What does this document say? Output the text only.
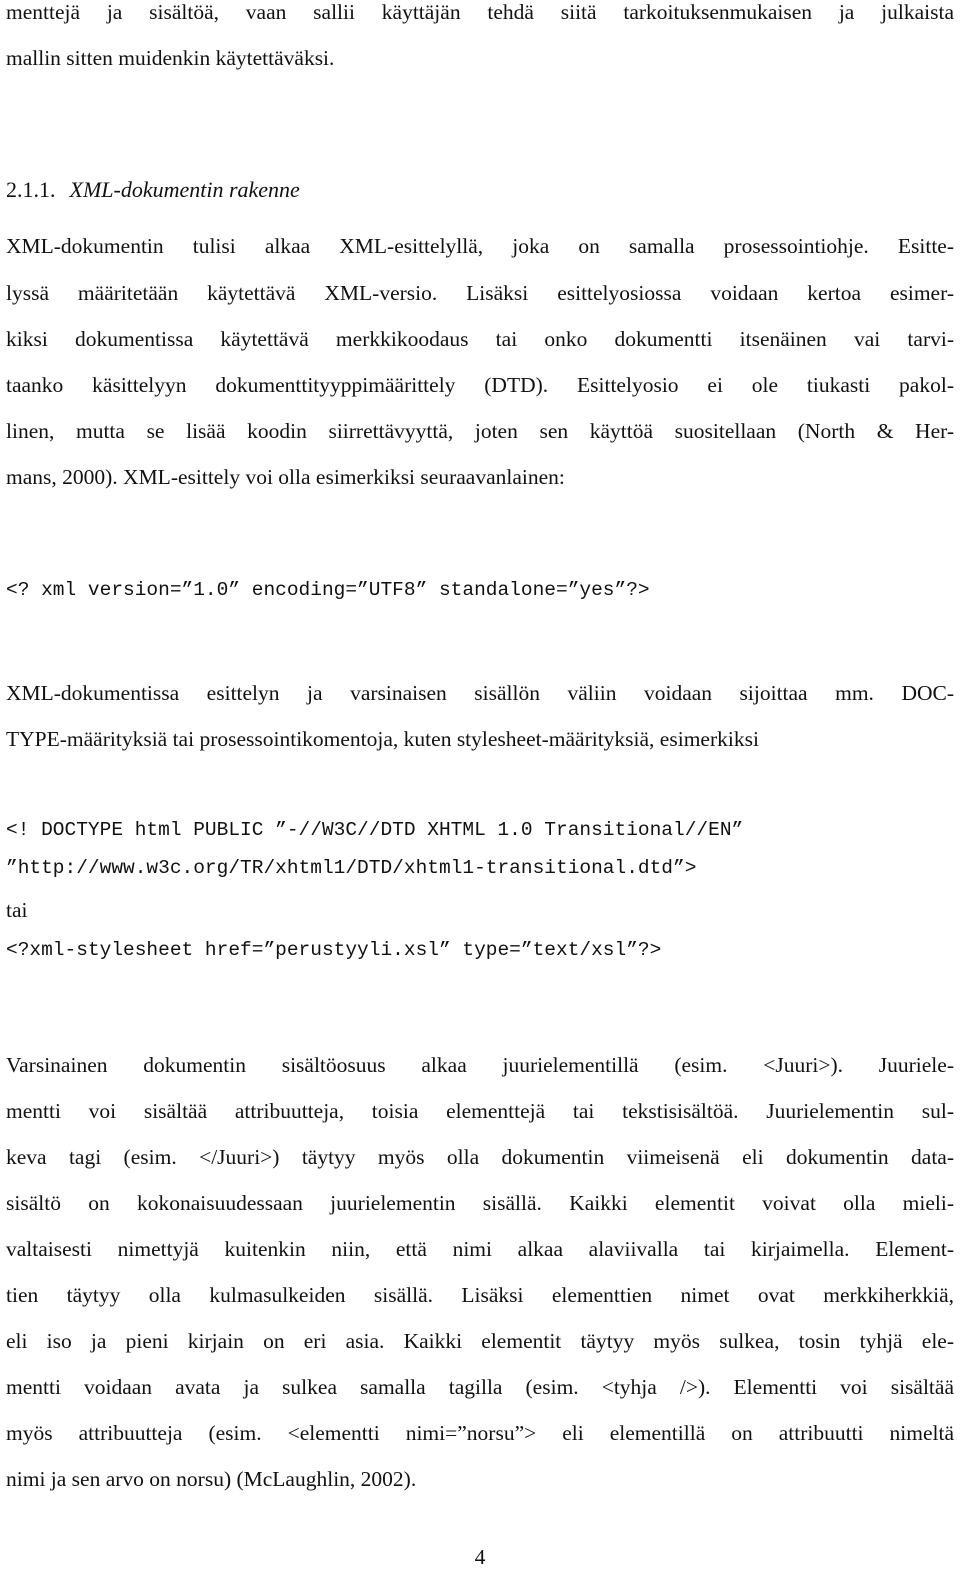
menttejä ja sisältöä, vaan sallii käyttäjän tehdä siitä tarkoituksenmukaisen ja julkaista
mallin sitten muidenkin käytettäväksi.
2.1.1. XML-dokumentin rakenne
XML-dokumentin tulisi alkaa XML-esittelyllä, joka on samalla prosessointiohje. Esitte-
lyssä määritetään käytettävä XML-versio. Lisäksi esittelyosiossa voidaan kertoa esimer-
kiksi dokumentissa käytettävä merkkikoodaus tai onko dokumentti itsenäinen vai tarvi-
taanko käsittelyyn dokumenttityyppimäärittely (DTD). Esittelyosio ei ole tiukasti pakol-
linen, mutta se lisää koodin siirrettävyyttä, joten sen käyttöä suositellaan (North & Her-
mans, 2000). XML-esittely voi olla esimerkiksi seuraavanlainen:
<? xml version=”1.0” encoding=”UTF8” standalone=”yes”?>
XML-dokumentissa esittelyn ja varsinaisen sisällön väliin voidaan sijoittaa mm. DOC-
TYPE-määrityksiä tai prosessointikomentoja, kuten stylesheet-määrityksiä, esimerkiksi
<! DOCTYPE html PUBLIC ”-//W3C//DTD XHTML 1.0 Transitional//EN”
”http://www.w3c.org/TR/xhtml1/DTD/xhtml1-transitional.dtd”>
tai
<?xml-stylesheet href=”perustyyli.xsl” type=”text/xsl”?>
Varsinainen dokumentin sisältöosuus alkaa juurielementillä (esim. <Juuri>). Juuriele-
mentti voi sisältää attribuutteja, toisia elementtejä tai tekstisisältöä. Juurielementin sul-
keva tagi (esim. </Juuri>) täytyy myös olla dokumentin viimeisenä eli dokumentin data-
sisältö on kokonaisuudessaan juurielementin sisällä. Kaikki elementit voivat olla mieli-
valtaisesti nimettyjä kuitenkin niin, että nimi alkaa alaviivalla tai kirjaimella. Element-
tien täytyy olla kulmasulkeiden sisällä. Lisäksi elementtien nimet ovat merkkiherkkiä,
eli iso ja pieni kirjain on eri asia. Kaikki elementit täytyy myös sulkea, tosin tyhjä ele-
mentti voidaan avata ja sulkea samalla tagilla (esim. <tyhja />). Elementti voi sisältää
myös attribuutteja (esim. <elementti nimi=”norsu”> eli elementillä on attribuutti nimeltä
nimi ja sen arvo on norsu) (McLaughlin, 2002).
4
